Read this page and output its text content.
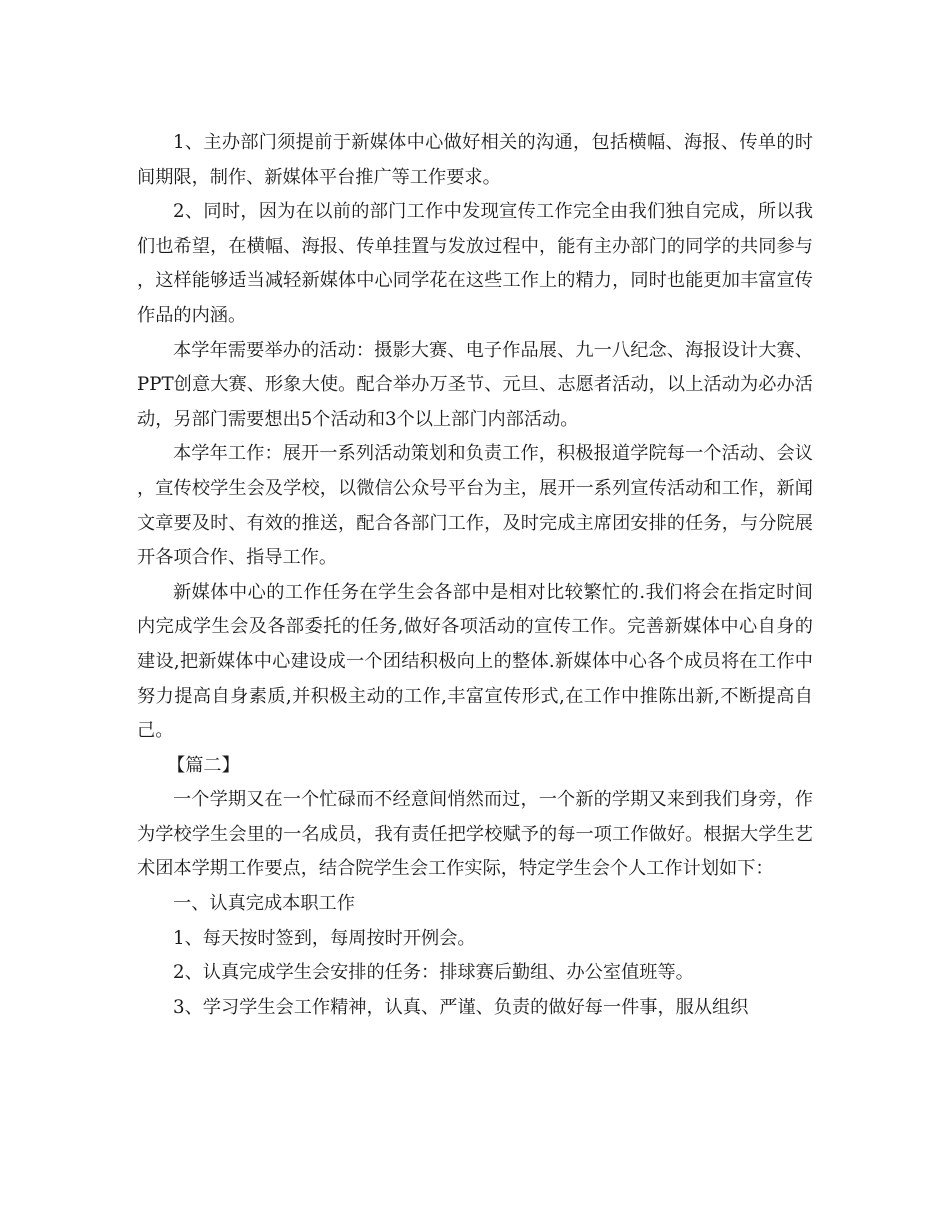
1、主办部门须提前于新媒体中心做好相关的沟通，包括横幅、海报、传单的时间期限，制作、新媒体平台推广等工作要求。

2、同时，因为在以前的部门工作中发现宣传工作完全由我们独自完成，所以我们也希望，在横幅、海报、传单挂置与发放过程中，能有主办部门的同学的共同参与，这样能够适当减轻新媒体中心同学花在这些工作上的精力，同时也能更加丰富宣传作品的内涵。

本学年需要举办的活动：摄影大赛、电子作品展、九一八纪念、海报设计大赛、PPT创意大赛、形象大使。配合举办万圣节、元旦、志愿者活动，以上活动为必办活动，另部门需要想出5个活动和3个以上部门内部活动。

本学年工作：展开一系列活动策划和负责工作，积极报道学院每一个活动、会议，宣传校学生会及学校，以微信公众号平台为主，展开一系列宣传活动和工作，新闻文章要及时、有效的推送，配合各部门工作，及时完成主席团安排的任务，与分院展开各项合作、指导工作。

新媒体中心的工作任务在学生会各部中是相对比较繁忙的.我们将会在指定时间内完成学生会及各部委托的任务,做好各项活动的宣传工作。完善新媒体中心自身的建设,把新媒体中心建设成一个团结积极向上的整体.新媒体中心各个成员将在工作中努力提高自身素质,并积极主动的工作,丰富宣传形式,在工作中推陈出新,不断提高自己。

【篇二】

一个学期又在一个忙碌而不经意间悄然而过，一个新的学期又来到我们身旁，作为学校学生会里的一名成员，我有责任把学校赋予的每一项工作做好。根据大学生艺术团本学期工作要点，结合院学生会工作实际，特定学生会个人工作计划如下：

一、认真完成本职工作

1、每天按时签到，每周按时开例会。

2、认真完成学生会安排的任务：排球赛后勤组、办公室值班等。

3、学习学生会工作精神，认真、严谨、负责的做好每一件事，服从组织
